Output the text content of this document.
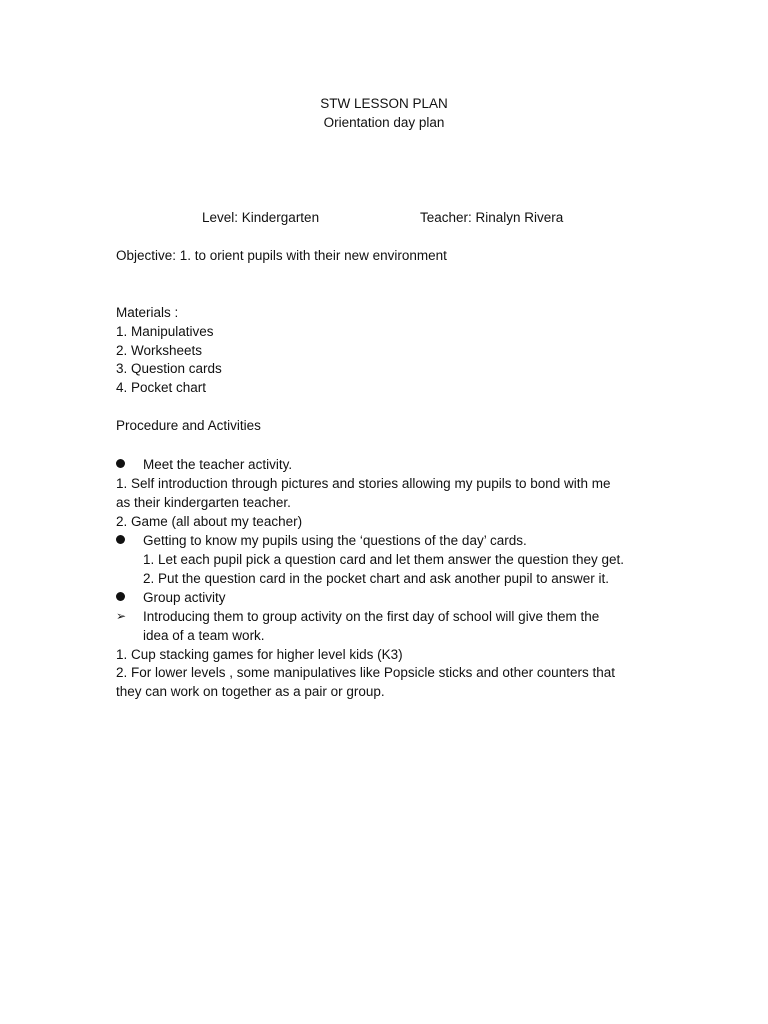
STW LESSON PLAN
Orientation day plan
Level: Kindergarten	Teacher: Rinalyn Rivera
Objective: 1. to orient pupils with their new environment
Materials :
1. Manipulatives
2. Worksheets
3. Question cards
4. Pocket chart
Procedure and Activities
Meet the teacher activity.
1. Self introduction through pictures and stories allowing my pupils to bond with me
as their kindergarten teacher.
2. Game (all about my teacher)
Getting to know my pupils using the ‘questions of the day’ cards.
1. Let each pupil pick a question card and let them answer the question they get.
2. Put the question card in the pocket chart and ask another pupil to answer it.
Group activity
➢ Introducing them to group activity on the first day of school will give them the
idea of a team work.
1. Cup stacking games for higher level kids (K3)
2. For lower levels , some manipulatives like Popsicle sticks and other counters that
they can work on together as a pair or group.
